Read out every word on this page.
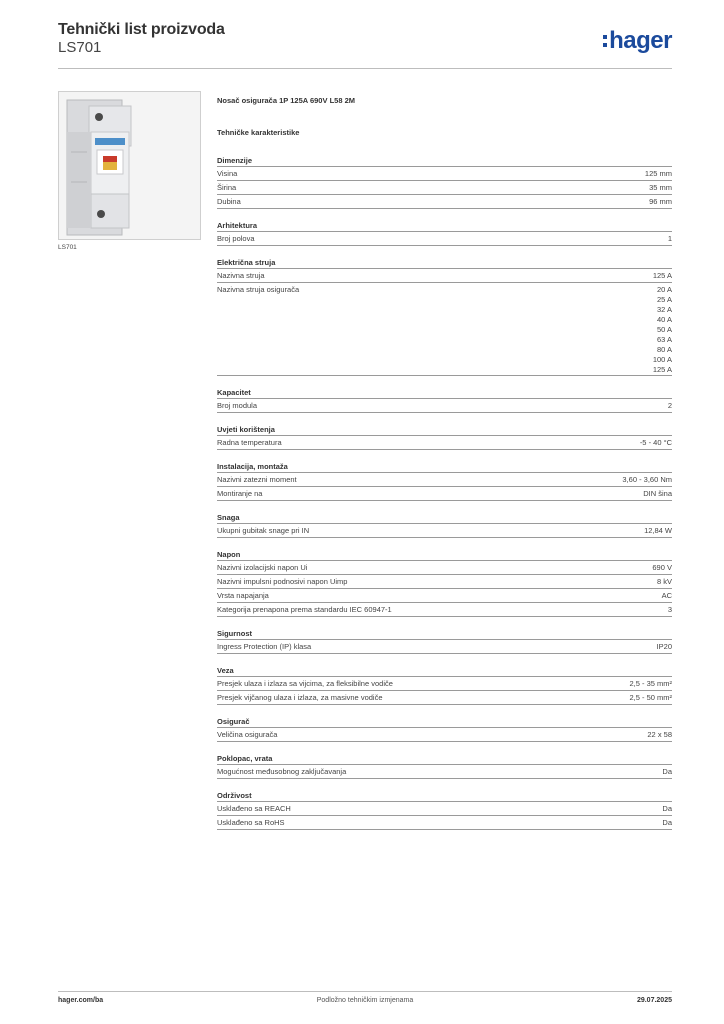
Tehnički list proizvoda
LS701	hager
LS701
Nosač osigurača 1P 125A 690V L58 2M
Tehničke karakteristike
Dimenzije
Visina	125 mm
Širina	35 mm
Dubina	96 mm
Arhitektura
Broj polova	1
Električna struja
Nazivna struja	125 A
Nazivna struja osigurača	20 A
25 A
32 A
40 A
50 A
63 A
80 A
100 A
125 A
Kapacitet
Broj modula	2
Uvjeti korištenja
Radna temperatura	-5 - 40 °C
Instalacija, montaža
Nazivni zatezni moment	3,60 - 3,60 Nm
Montiranje na	DIN šina
Snaga
Ukupni gubitak snage pri IN	12,84 W
Napon
Nazivni izolacijski napon Ui	690 V
Nazivni impulsni podnosivi napon Uimp	8 kV
Vrsta napajanja	AC
Kategorija prenapona prema standardu IEC 60947-1	3
Sigurnost
Ingress Protection (IP) klasa	IP20
Veza
Presjek ulaza i izlaza sa vijcima, za fleksibilne vodiče	2,5 - 35 mm²
Presjek vijčanog ulaza i izlaza, za masivne vodiče	2,5 - 50 mm²
Osigurač
Veličina osigurača	22 x 58
Poklopac, vrata
Mogućnost međusobnog zaključavanja	Da
Održivost
Usklađeno sa REACH	Da
Usklađeno sa RoHS	Da
hager.com/ba	Podložno tehničkim izmjenama	29.07.2025
